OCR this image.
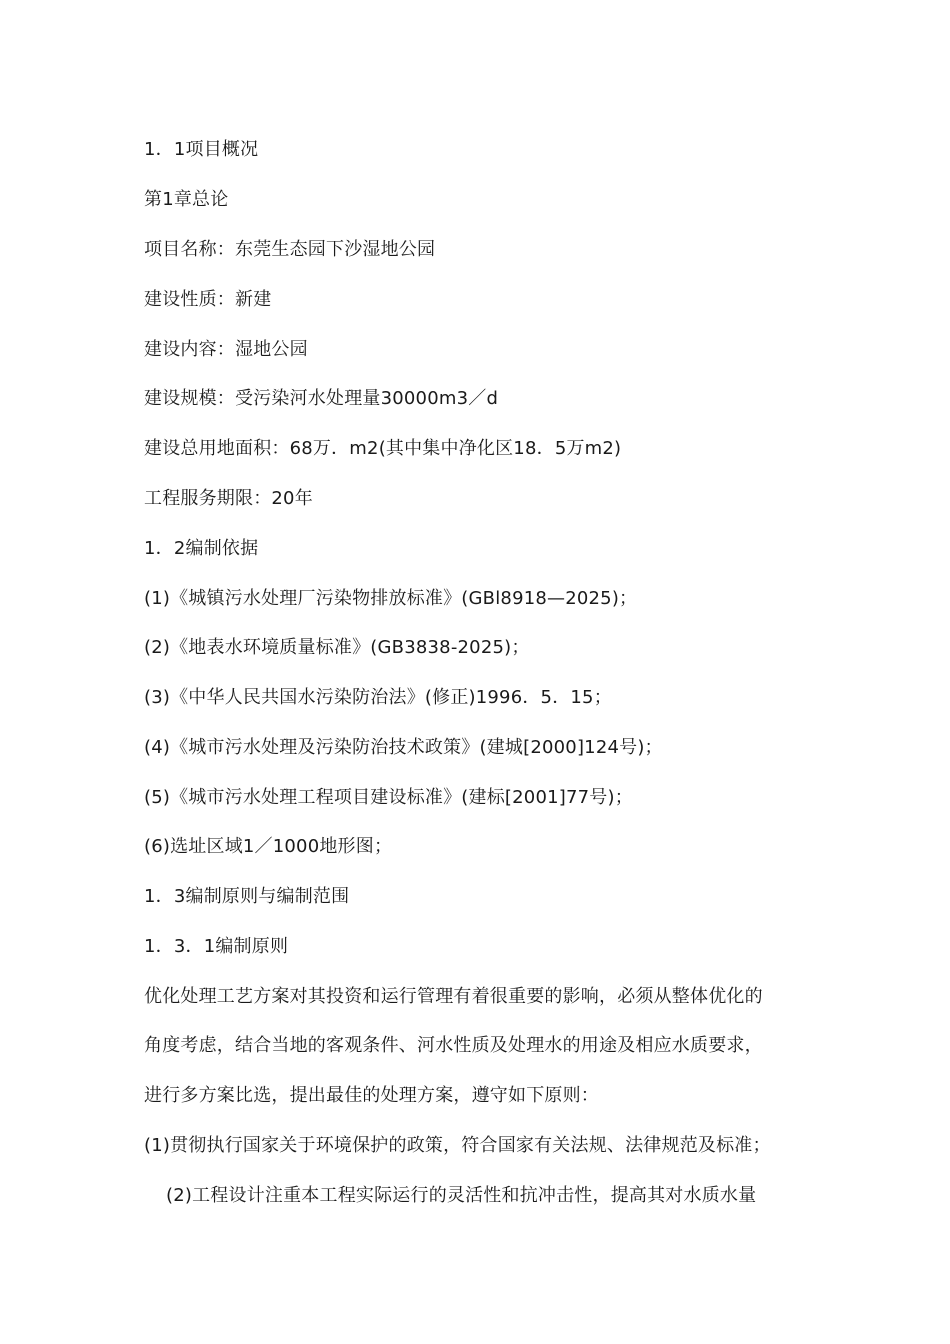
1．1项目概况
第1章总论
项目名称：东莞生态园下沙湿地公园
建设性质：新建
建设内容：湿地公园
建设规模：受污染河水处理量30000m3／d
建设总用地面积：68万．m2(其中集中净化区18．5万m2)
工程服务期限：20年
1．2编制依据
(1)《城镇污水处理厂污染物排放标准》(GBl8918—2025)；
(2)《地表水环境质量标准》(GB3838-2025)；
(3)《中华人民共国水污染防治法》(修正)1996．5．15；
(4)《城市污水处理及污染防治技术政策》(建城[2000]124号)；
(5)《城市污水处理工程项目建设标准》(建标[2001]77号)；
(6)选址区域1／1000地形图；
1．3编制原则与编制范围
1．3．1编制原则
优化处理工艺方案对其投资和运行管理有着很重要的影响，必须从整体优化的
角度考虑，结合当地的客观条件、河水性质及处理水的用途及相应水质要求，
进行多方案比选，提出最佳的处理方案，遵守如下原则：
(1)贯彻执行国家关于环境保护的政策，符合国家有关法规、法律规范及标准；
(2)工程设计注重本工程实际运行的灵活性和抗冲击性，提高其对水质水量
